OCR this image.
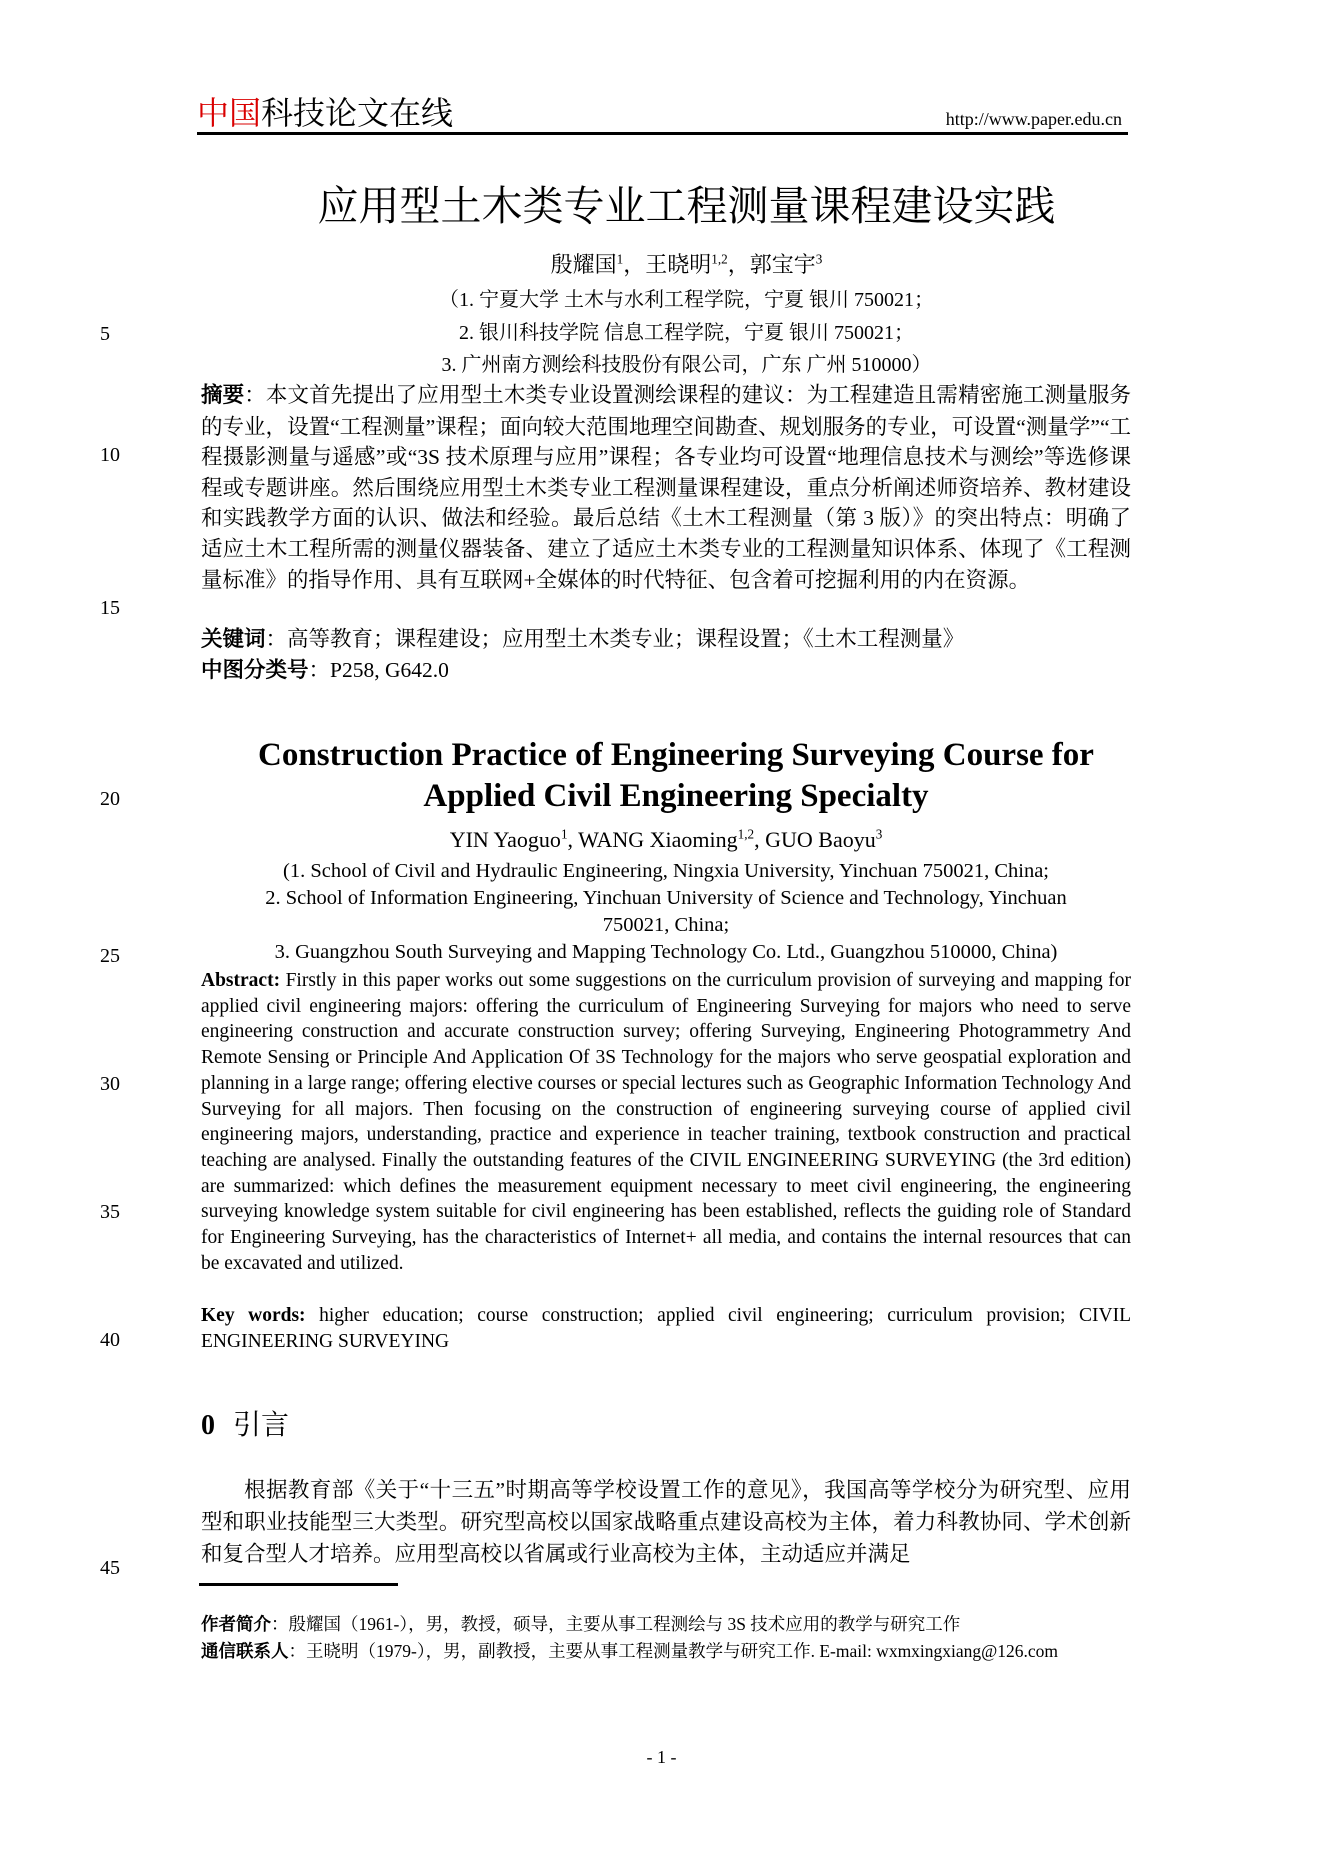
中国科技论文在线	http://www.paper.edu.cn
应用型土木类专业工程测量课程建设实践
殷耀国$^1$，王晓明$^{1,2}$，郭宝宇$^3$
（1. 宁夏大学 土木与水利工程学院，宁夏 银川 750021；
2. 银川科技学院 信息工程学院，宁夏 银川 750021；
3. 广州南方测绘科技股份有限公司，广东 广州 510000）
5
10
15
20
25
30
35
40
45
摘要：本文首先提出了应用型土木类专业设置测绘课程的建议：为工程建造且需精密施工测量服务的专业，设置“工程测量”课程；面向较大范围地理空间勘查、规划服务的专业，可设置“测量学”“工程摄影测量与遥感”或“3S 技术原理与应用”课程；各专业均可设置“地理信息技术与测绘”等选修课程或专题讲座。然后围绕应用型土木类专业工程测量课程建设，重点分析阐述师资培养、教材建设和实践教学方面的认识、做法和经验。最后总结《土木工程测量（第 3 版）》的突出特点：明确了适应土木工程所需的测量仪器装备、建立了适应土木类专业的工程测量知识体系、体现了《工程测量标准》的指导作用、具有互联网+全媒体的时代特征、包含着可挖掘利用的内在资源。
关键词：高等教育；课程建设；应用型土木类专业；课程设置；《土木工程测量》
中图分类号：P258, G642.0
Construction Practice of Engineering Surveying Course for
Applied Civil Engineering Specialty
YIN Yaoguo$^1$, WANG Xiaoming$^{1,2}$, GUO Baoyu$^3$
(1. School of Civil and Hydraulic Engineering, Ningxia University, Yinchuan 750021, China;
2. School of Information Engineering, Yinchuan University of Science and Technology, Yinchuan
750021, China;
3. Guangzhou South Surveying and Mapping Technology Co. Ltd., Guangzhou 510000, China)
Abstract: Firstly in this paper works out some suggestions on the curriculum provision of surveying and mapping for applied civil engineering majors: offering the curriculum of Engineering Surveying for majors who need to serve engineering construction and accurate construction survey; offering Surveying, Engineering Photogrammetry And Remote Sensing or Principle And Application Of 3S Technology for the majors who serve geospatial exploration and planning in a large range; offering elective courses or special lectures such as Geographic Information Technology And Surveying for all majors. Then focusing on the construction of engineering surveying course of applied civil engineering majors, understanding, practice and experience in teacher training, textbook construction and practical teaching are analysed. Finally the outstanding features of the CIVIL ENGINEERING SURVEYING (the 3rd edition) are summarized: which defines the measurement equipment necessary to meet civil engineering, the engineering surveying knowledge system suitable for civil engineering has been established, reflects the guiding role of Standard for Engineering Surveying, has the characteristics of Internet+ all media, and contains the internal resources that can be excavated and utilized.
Key words: higher education; course construction; applied civil engineering; curriculum provision; CIVIL ENGINEERING SURVEYING
0 引言
根据教育部《关于“十三五”时期高等学校设置工作的意见》，我国高等学校分为研究型、应用型和职业技能型三大类型。研究型高校以国家战略重点建设高校为主体，着力科教协同、学术创新和复合型人才培养。应用型高校以省属或行业高校为主体，主动适应并满足
作者简介：殷耀国（1961-），男，教授，硕导，主要从事工程测绘与 3S 技术应用的教学与研究工作
通信联系人：王晓明（1979-），男，副教授，主要从事工程测量教学与研究工作. E-mail: wxmxingxiang@126.com
- 1 -
